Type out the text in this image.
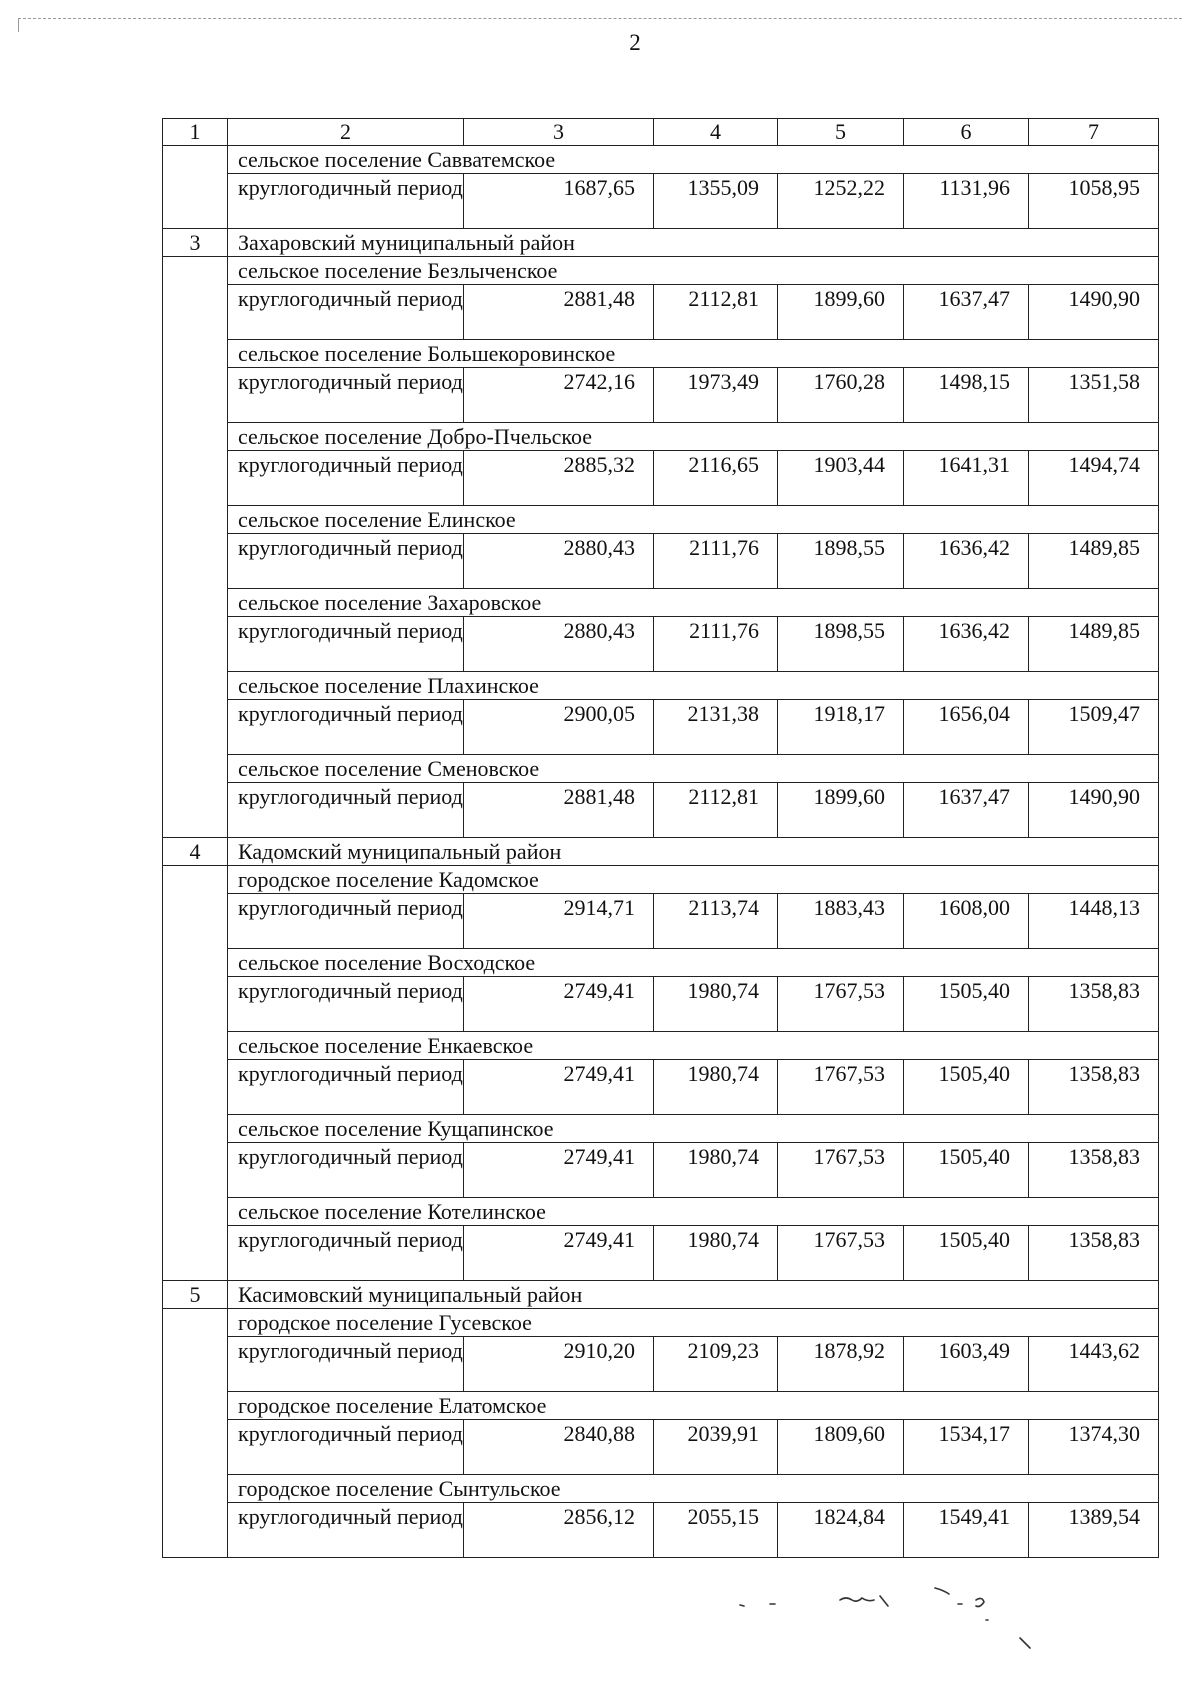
2
1	2	3	4	5	6	7
	сельское поселение Савватемское					
	круглогодичный период	1687,65	1355,09	1252,22	1131,96	1058,95
3	Захаровский муниципальный район					
	сельское поселение Безлыченское					
	круглогодичный период	2881,48	2112,81	1899,60	1637,47	1490,90
	сельское поселение Большекоровинское					
	круглогодичный период	2742,16	1973,49	1760,28	1498,15	1351,58
	сельское поселение Добро-Пчельское					
	круглогодичный период	2885,32	2116,65	1903,44	1641,31	1494,74
	сельское поселение Елинское					
	круглогодичный период	2880,43	2111,76	1898,55	1636,42	1489,85
	сельское поселение Захаровское					
	круглогодичный период	2880,43	2111,76	1898,55	1636,42	1489,85
	сельское поселение Плахинское					
	круглогодичный период	2900,05	2131,38	1918,17	1656,04	1509,47
	сельское поселение Сменовское					
	круглогодичный период	2881,48	2112,81	1899,60	1637,47	1490,90
4	Кадомский муниципальный район					
	городское поселение Кадомское					
	круглогодичный период	2914,71	2113,74	1883,43	1608,00	1448,13
	сельское поселение Восходское					
	круглогодичный период	2749,41	1980,74	1767,53	1505,40	1358,83
	сельское поселение Енкаевское					
	круглогодичный период	2749,41	1980,74	1767,53	1505,40	1358,83
	сельское поселение Кущапинское					
	круглогодичный период	2749,41	1980,74	1767,53	1505,40	1358,83
	сельское поселение Котелинское					
	круглогодичный период	2749,41	1980,74	1767,53	1505,40	1358,83
5	Касимовский муниципальный район					
	городское поселение Гусевское					
	круглогодичный период	2910,20	2109,23	1878,92	1603,49	1443,62
	городское поселение Елатомское					
	круглогодичный период	2840,88	2039,91	1809,60	1534,17	1374,30
	городское поселение Сынтульское					
	круглогодичный период	2856,12	2055,15	1824,84	1549,41	1389,54
